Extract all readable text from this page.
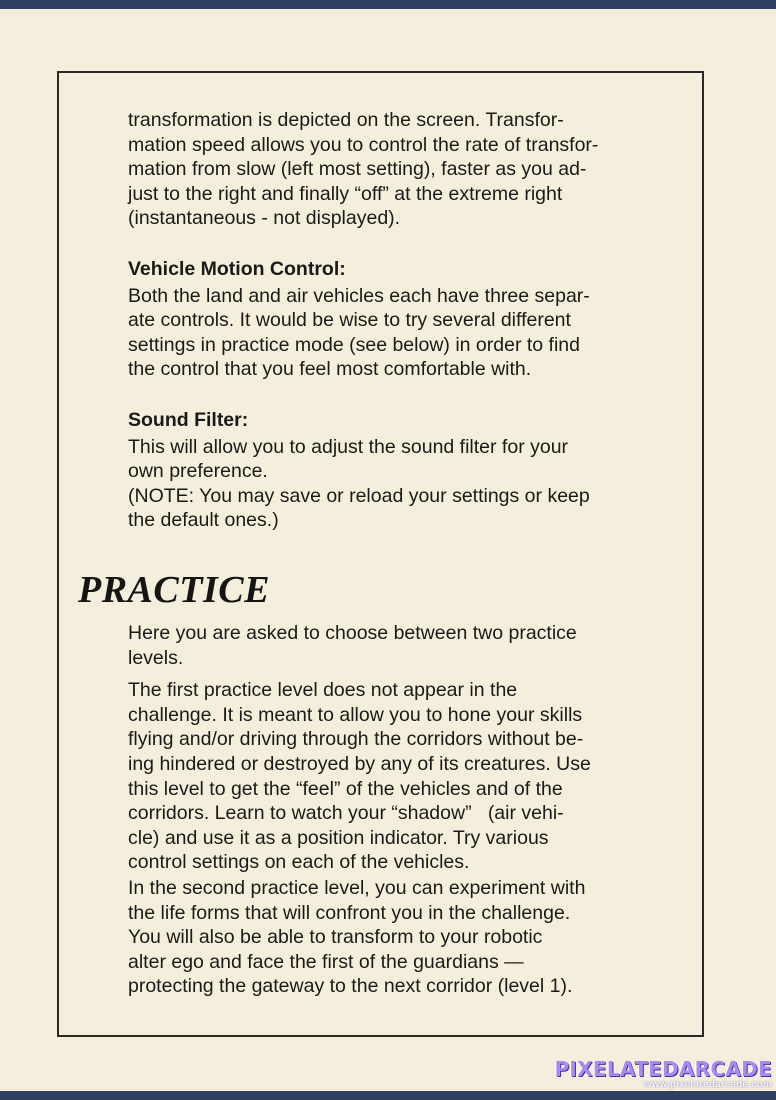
transformation is depicted on the screen. Transfor-
mation speed allows you to control the rate of transfor-
mation from slow (left most setting), faster as you ad-
just to the right and finally “off” at the extreme right
(instantaneous - not displayed).
Vehicle Motion Control:
Both the land and air vehicles each have three separ-
ate controls. It would be wise to try several different
settings in practice mode (see below) in order to find
the control that you feel most comfortable with.
Sound Filter:
This will allow you to adjust the sound filter for your
own preference.
(NOTE: You may save or reload your settings or keep
the default ones.)
PRACTICE
Here you are asked to choose between two practice
levels.
The first practice level does not appear in the
challenge. It is meant to allow you to hone your skills
flying and/or driving through the corridors without be-
ing hindered or destroyed by any of its creatures. Use
this level to get the “feel” of the vehicles and of the
corridors. Learn to watch your “shadow”   (air vehi-
cle) and use it as a position indicator. Try various
control settings on each of the vehicles.
In the second practice level, you can experiment with
the life forms that will confront you in the challenge.
You will also be able to transform to your robotic
alter ego and face the first of the guardians —
protecting the gateway to the next corridor (level 1).
PIXELATEDARCADE
www.pixelatedarcade.com
